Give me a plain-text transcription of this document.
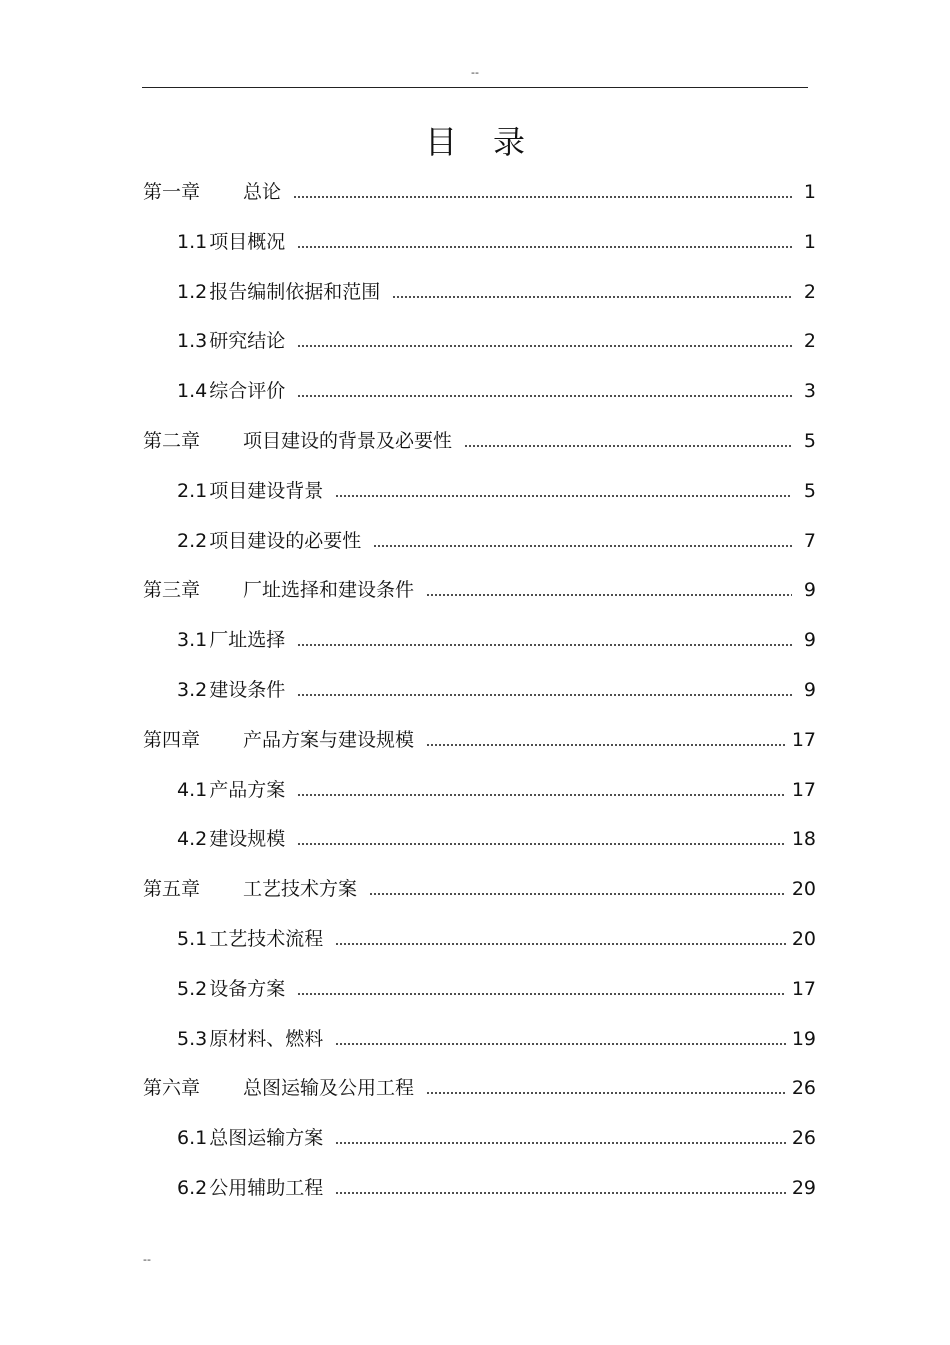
--
目录
第一章	总论	1
1.1 项目概况	1
1.2 报告编制依据和范围	2
1.3 研究结论	2
1.4 综合评价	3
第二章	项目建设的背景及必要性	5
2.1 项目建设背景	5
2.2 项目建设的必要性	7
第三章	厂址选择和建设条件	9
3.1 厂址选择	9
3.2 建设条件	9
第四章	产品方案与建设规模	17
4.1 产品方案	17
4.2 建设规模	18
第五章	工艺技术方案	20
5.1 工艺技术流程	20
5.2 设备方案	17
5.3 原材料、燃料	19
第六章	总图运输及公用工程	26
6.1 总图运输方案	26
6.2 公用辅助工程	29
--
